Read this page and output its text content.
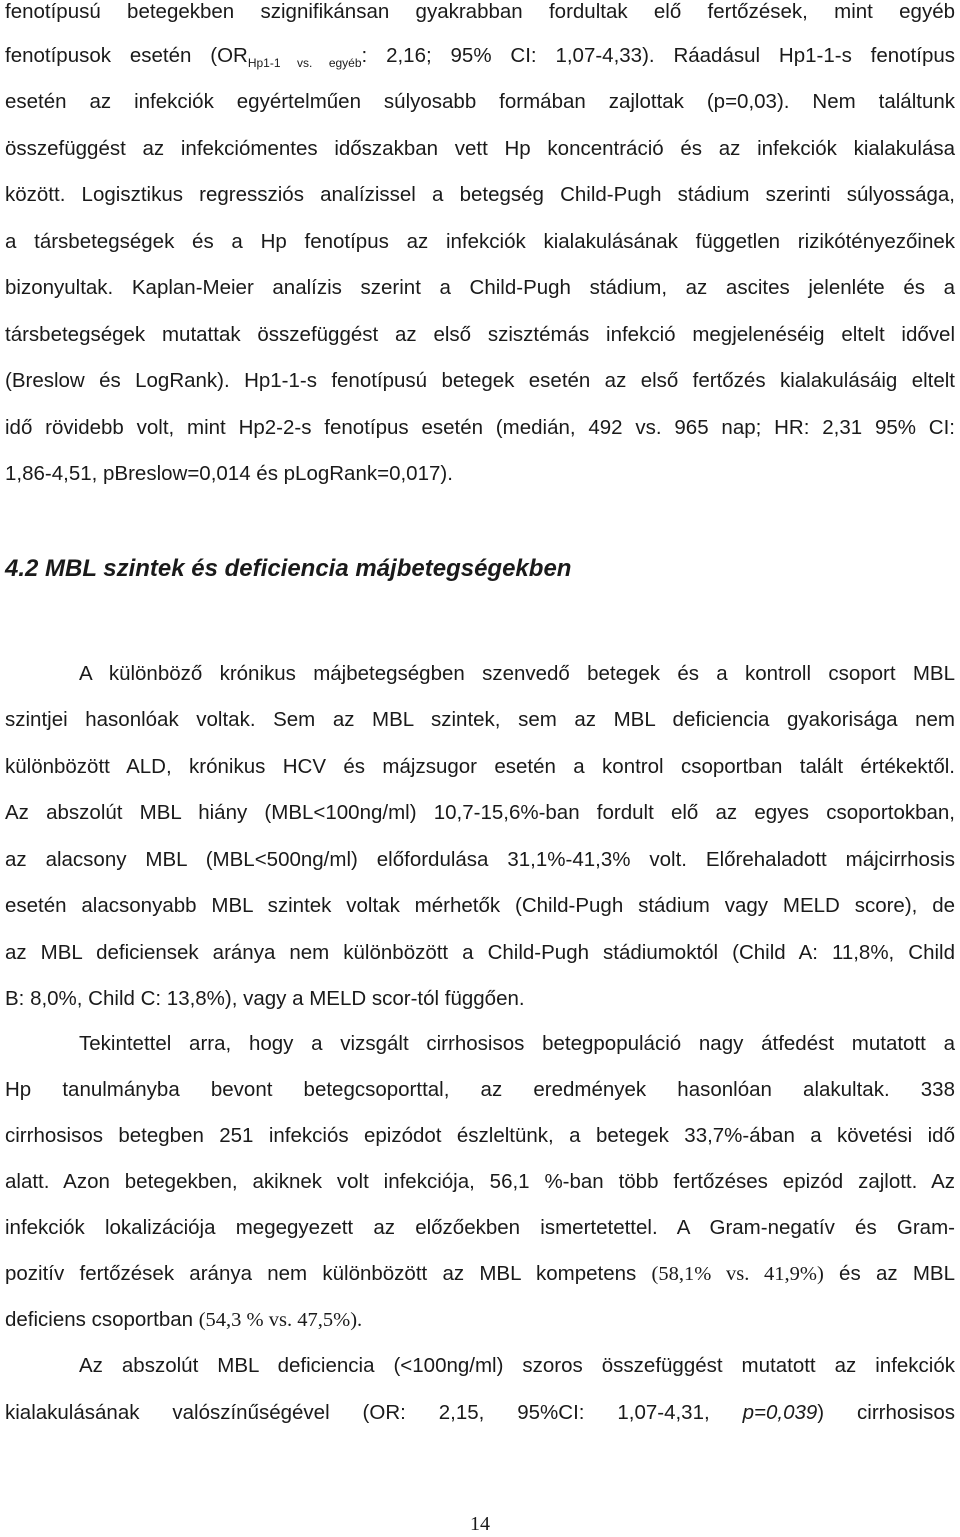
fenotípusú betegekben szignifikánsan gyakrabban fordultak elő fertőzések, mint egyéb
fenotípusok esetén ($OR_{Hp1-1 vs. egyéb}$: 2,16; 95% CI: 1,07-4,33). Ráadásul Hp1-1-s fenotípus
esetén az infekciók egyértelműen súlyosabb formában zajlottak (p=0,03). Nem találtunk
összefüggést az infekciómentes időszakban vett Hp koncentráció és az infekciók kialakulása
között. Logisztikus regressziós analízissel a betegség Child-Pugh stádium szerinti súlyossága,
a társbetegségek és a Hp fenotípus az infekciók kialakulásának független rizikótényezőinek
bizonyultak. Kaplan-Meier analízis szerint a Child-Pugh stádium, az ascites jelenléte és a
társbetegségek mutattak összefüggést az első szisztémás infekció megjelenéséig eltelt idővel
(Breslow és LogRank). Hp1-1-s fenotípusú betegek esetén az első fertőzés kialakulásáig eltelt
idő rövidebb volt, mint Hp2-2-s fenotípus esetén (medián, 492 vs. 965 nap; HR: 2,31 95% CI:
1,86-4,51, pBreslow=0,014 és pLogRank=0,017).
4.2 MBL szintek és deficiencia májbetegségekben
A különböző krónikus májbetegségben szenvedő betegek és a kontroll csoport MBL
szintjei hasonlóak voltak. Sem az MBL szintek, sem az MBL deficiencia gyakorisága nem
különbözött ALD, krónikus HCV és májzsugor esetén a kontrol csoportban talált értékektől.
Az abszolút MBL hiány (MBL<100ng/ml) 10,7-15,6%-ban fordult elő az egyes csoportokban,
az alacsony MBL (MBL<500ng/ml) előfordulása 31,1%-41,3% volt. Előrehaladott májcirrhosis
esetén alacsonyabb MBL szintek voltak mérhetők (Child-Pugh stádium vagy MELD score), de
az MBL deficiensek aránya nem különbözött a Child-Pugh stádiumoktól (Child A: 11,8%, Child
B: 8,0%, Child C: 13,8%), vagy a MELD scor-tól függően.
Tekintettel arra, hogy a vizsgált cirrhosisos betegpopuláció nagy átfedést mutatott a
Hp tanulmányba bevont betegcsoporttal, az eredmények hasonlóan alakultak. 338
cirrhosisos betegben 251 infekciós epizódot észleltünk, a betegek 33,7%-ában a követési idő
alatt. Azon betegekben, akiknek volt infekciója, 56,1 %-ban több fertőzéses epizód zajlott. Az
infekciók lokalizációja megegyezett az előzőekben ismertetettel. A Gram-negatív és Gram-
pozitív fertőzések aránya nem különbözött az MBL kompetens (58,1% vs. 41,9%) és az MBL
deficiens csoportban (54,3 % vs. 47,5%).
Az abszolút MBL deficiencia (<100ng/ml) szoros összefüggést mutatott az infekciók
kialakulásának valószínűségével (OR: 2,15, 95%CI: 1,07-4,31, p=0,039) cirrhosisos
14
